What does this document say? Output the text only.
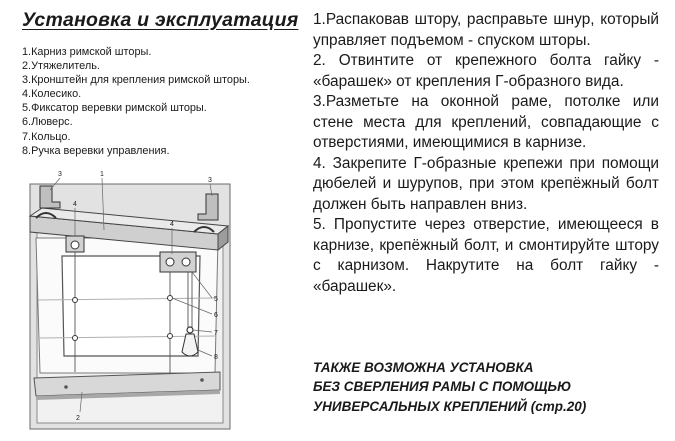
Установка и эксплуатация
1.Карниз римской шторы.
2.Утяжелитель.
3.Кронштейн для крепления римской шторы.
4.Колесико.
5.Фиксатор веревки римской шторы.
6.Люверс.
7.Кольцо.
8.Ручка веревки управления.
1
3
3
4
4
5
6
7
8
2

1.Распаковав штору, расправьте шнур, который управляет подъемом - спуском шторы.

2. Отвинтите от крепежного болта гайку - «барашек» от крепления Г-образного вида.

3.Разметьте на оконной раме, потолке или стене места для креплений, совпадающие с отверстиями, имеющимися в карнизе.

4. Закрепите Г-образные крепежи при помощи дюбелей и шурупов, при этом крепёжный болт должен быть направлен вниз.

5. Пропустите через отверстие, имеющееся в карнизе, крепёжный болт, и смонтируйте штору с карнизом. Накрутите на болт гайку - «барашек».

ТАКЖЕ ВОЗМОЖНА УСТАНОВКА
БЕЗ СВЕРЛЕНИЯ РАМЫ С ПОМОЩЬЮ
УНИВЕРСАЛЬНЫХ КРЕПЛЕНИЙ (стр.20)
